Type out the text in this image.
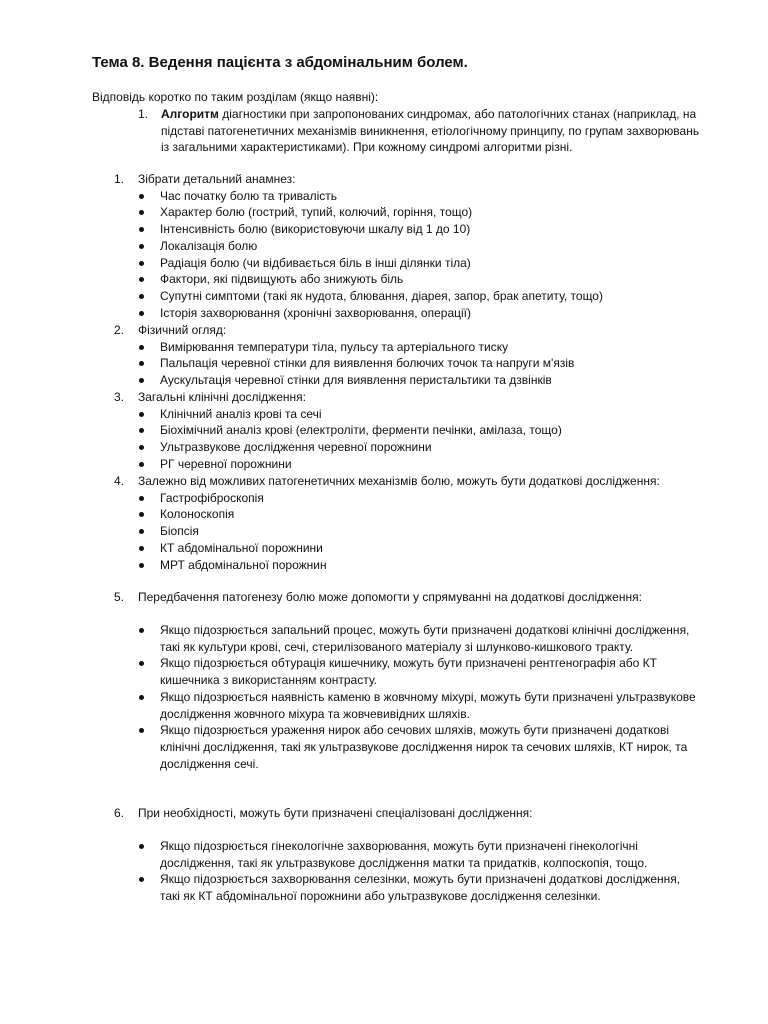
Тема 8. Ведення пацієнта з абдомінальним болем.

Відповідь коротко по таким розділам (якщо наявні):

1. Алгоритм діагностики при запропонованих синдромах, або патологічних станах (наприклад, на підставі патогенетичних механізмів виникнення, етіологічному принципу, по групам захворювань із загальними характеристиками). При кожному синдромі алгоритми різні.
1. Зібрати детальний анамнез:
Час початку болю та тривалість
Характер болю (гострий, тупий, колючий, горіння, тощо)
Інтенсивність болю (використовуючи шкалу від 1 до 10)
Локалізація болю
Радіація болю (чи відбивається біль в інші ділянки тіла)
Фактори, які підвищують або знижують біль
Супутні симптоми (такі як нудота, блювання, діарея, запор, брак апетиту, тощо)
Історія захворювання (хронічні захворювання, операції)
2. Фізичний огляд:
Вимірювання температури тіла, пульсу та артеріального тиску
Пальпація черевної стінки для виявлення болючих точок та напруги м'язів
Аускультація черевної стінки для виявлення перистальтики та дзвінків
3. Загальні клінічні дослідження:
Клінічний аналіз крові та сечі
Біохімічний аналіз крові (електроліти, ферменти печінки, амілаза, тощо)
Ультразвукове дослідження черевної порожнини
РГ черевної порожнини
4. Залежно від можливих патогенетичних механізмів болю, можуть бути додаткові дослідження:
Гастрофіброскопія
Колоноскопія
Біопсія
КТ абдомінальної порожнини
МРТ абдомінальної порожнин
5. Передбачення патогенезу болю може допомогти у спрямуванні на додаткові дослідження:
Якщо підозрюється запальний процес, можуть бути призначені додаткові клінічні дослідження, такі як культури крові, сечі, стерилізованого матеріалу зі шлунково-кишкового тракту.
Якщо підозрюється обтурація кишечнику, можуть бути призначені рентгенографія або КТ кишечника з використанням контрасту.
Якщо підозрюється наявність каменю в жовчному міхурі, можуть бути призначені ультразвукове дослідження жовчного міхура та жовчевивідних шляхів.
Якщо підозрюється ураження нирок або сечових шляхів, можуть бути призначені додаткові клінічні дослідження, такі як ультразвукове дослідження нирок та сечових шляхів, КТ нирок, та дослідження сечі.
6. При необхідності, можуть бути призначені спеціалізовані дослідження:
Якщо підозрюється гінекологічне захворювання, можуть бути призначені гінекологічні дослідження, такі як ультразвукове дослідження матки та придатків, колпоскопія, тощо.
Якщо підозрюється захворювання селезінки, можуть бути призначені додаткові дослідження, такі як КТ абдомінальної порожнини або ультразвукове дослідження селезінки.
